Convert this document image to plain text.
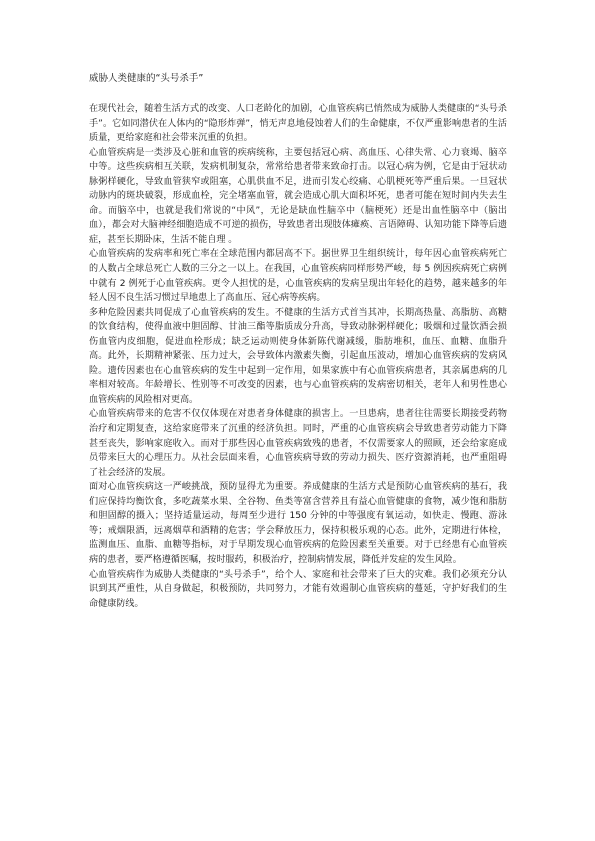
威胁人类健康的“头号杀手”

在现代社会，随着生活方式的改变、人口老龄化的加剧，心血管疾病已悄然成为威胁人类健康的“头号杀手”。它如同潜伏在人体内的“隐形炸弹”，悄无声息地侵蚀着人们的生命健康，不仅严重影响患者的生活质量，更给家庭和社会带来沉重的负担。

心血管疾病是一类涉及心脏和血管的疾病统称，主要包括冠心病、高血压、心律失常、心力衰竭、脑卒中等。这些疾病相互关联，发病机制复杂，常常给患者带来致命打击。以冠心病为例，它是由于冠状动脉粥样硬化，导致血管狭窄或阻塞，心肌供血不足，进而引发心绞痛、心肌梗死等严重后果。一旦冠状动脉内的斑块破裂，形成血栓，完全堵塞血管，就会造成心肌大面积坏死，患者可能在短时间内失去生命。而脑卒中，也就是我们常说的“中风”，无论是缺血性脑卒中（脑梗死）还是出血性脑卒中（脑出血），都会对大脑神经细胞造成不可逆的损伤，导致患者出现肢体瘫痪、言语障碍、认知功能下降等后遗症，甚至长期卧床，生活不能自理 。

心血管疾病的发病率和死亡率在全球范围内都居高不下。据世界卫生组织统计，每年因心血管疾病死亡的人数占全球总死亡人数的三分之一以上。在我国，心血管疾病同样形势严峻，每 5 例因疾病死亡病例中就有 2 例死于心血管疾病。更令人担忧的是，心血管疾病的发病呈现出年轻化的趋势，越来越多的年轻人因不良生活习惯过早地患上了高血压、冠心病等疾病。

多种危险因素共同促成了心血管疾病的发生。不健康的生活方式首当其冲，长期高热量、高脂肪、高糖的饮食结构，使得血液中胆固醇、甘油三酯等脂质成分升高，导致动脉粥样硬化；吸烟和过量饮酒会损伤血管内皮细胞，促进血栓形成；缺乏运动则使身体新陈代谢减缓，脂肪堆积，血压、血糖、血脂升高。此外，长期精神紧张、压力过大，会导致体内激素失衡，引起血压波动，增加心血管疾病的发病风险。遗传因素也在心血管疾病的发生中起到一定作用，如果家族中有心血管疾病患者，其亲属患病的几率相对较高。年龄增长、性别等不可改变的因素，也与心血管疾病的发病密切相关，老年人和男性患心血管疾病的风险相对更高。

心血管疾病带来的危害不仅仅体现在对患者身体健康的损害上。一旦患病，患者往往需要长期接受药物治疗和定期复查，这给家庭带来了沉重的经济负担。同时，严重的心血管疾病会导致患者劳动能力下降甚至丧失，影响家庭收入。而对于那些因心血管疾病致残的患者，不仅需要家人的照顾，还会给家庭成员带来巨大的心理压力。从社会层面来看，心血管疾病导致的劳动力损失、医疗资源消耗，也严重阻碍了社会经济的发展。

面对心血管疾病这一严峻挑战，预防显得尤为重要。养成健康的生活方式是预防心血管疾病的基石，我们应保持均衡饮食，多吃蔬菜水果、全谷物、鱼类等富含营养且有益心血管健康的食物，减少饱和脂肪和胆固醇的摄入；坚持适量运动，每周至少进行 150 分钟的中等强度有氧运动，如快走、慢跑、游泳等；戒烟限酒，远离烟草和酒精的危害；学会释放压力，保持积极乐观的心态。此外，定期进行体检，监测血压、血脂、血糖等指标，对于早期发现心血管疾病的危险因素至关重要。对于已经患有心血管疾病的患者，要严格遵循医嘱，按时服药，积极治疗，控制病情发展，降低并发症的发生风险。

心血管疾病作为威胁人类健康的“头号杀手”，给个人、家庭和社会带来了巨大的灾难。我们必须充分认识到其严重性，从自身做起，积极预防，共同努力，才能有效遏制心血管疾病的蔓延，守护好我们的生命健康防线。
